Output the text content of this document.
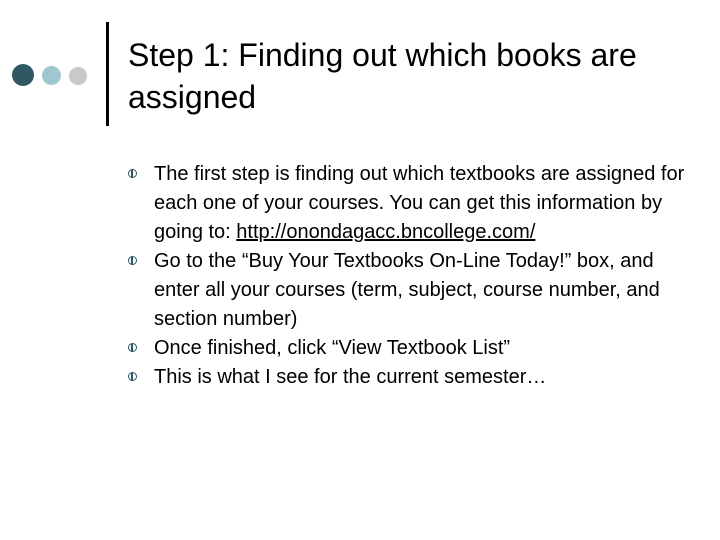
Step 1: Finding out which books are assigned
The first step is finding out which textbooks are assigned for each one of your courses. You can get this information by going to: http://onondagacc.bncollege.com/
Go to the “Buy Your Textbooks On-Line Today!” box, and enter all your courses (term, subject, course number, and section number)
Once finished, click “View Textbook List”
This is what I see for the current semester…
